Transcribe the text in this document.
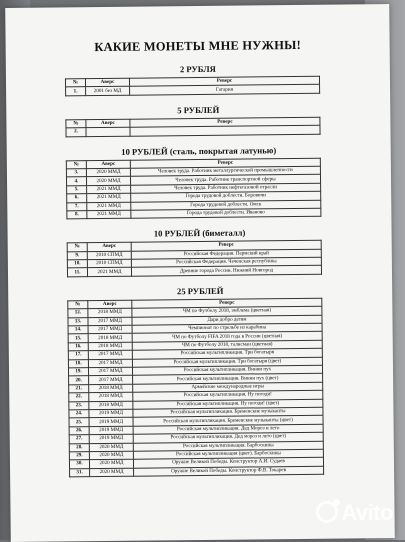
КАКИЕ МОНЕТЫ МНЕ НУЖНЫ!
2 РУБЛЯ
№	Аверс	Реверс
1.	2001 без МД	Гагарин
5 РУБЛЕЙ
№	Аверс	Реверс
2.		
10 РУБЛЕЙ (сталь, покрытая латунью)
№	Аверс	Реверс
3.	2020 ММД	Человек труда. Работник металлургической промышленности
4.	2020 ММД	Человек труда. Работник транспортной сферы
5.	2021 ММД	Человек труда. Работник нефтегазовой отрасли
6.	2021 ММД	Города трудовой доблести. Боровичи
7.	2021 ММД	Города трудовой доблести. Омск
8.	2021 ММД	Города трудовой доблести. Иваново
10 РУБЛЕЙ (биметалл)
№	Аверс	Реверс
9.	2010 СПМД	Российская Федерация. Пермский край
10.	2010 СПМД	Российская Федерация. Чеченская республика
11.	2021 ММД	Древние города России. Нижний Новгород
25 РУБЛЕЙ
№	Аверс	Реверс
12.	2018 ММД	ЧМ по Футболу 2018, эмблема (цветная)
13.	2017 ММД	Дари добро детям
14.	2017 ММД	Чемпионат по стрельбе из карабина
15.	2018 ММД	ЧМ по Футболу FIFA 2018 года в России (цветная)
16.	2018 ММД	ЧМ по Футболу 2018, талисман (цветная)
17.	2017 ММД	Российская мультипликация. Три богатыря
18.	2017 ММД	Российская мультипликация. Три богатыря (цвет)
19.	2017 ММД	Российская мультипликация. Винни пух
20.	2017 ММД	Российская мультипликация. Винни пух (цвет)
21.	2018 ММД	Армейские международные игры
22.	2018 ММД	Российская мультипликация. Ну погоди!
23.	2018 ММД	Российская мультипликация. Ну погоди! (цвет)
24.	2019 ММД	Российская мультипликация. Бременские музыканты
25.	2019 ММД	Российская мультипликация. Бременские музыканты (цвет)
26.	2019 ММД	Российская мультипликация. Дед Мороз и лето
27.	2019 ММД	Российская мультипликация. Дед мороз и лето (цвет)
28.	2020 ММД	Российская мультипликация. Барбоскины
29.	2020 ММД	Российская мультипликация (цвет). Барбоскины
30.	2020 ММД	Оружие Великой Победы. Конструктор А.И. Судаев
31.	2020 ММД	Оружие Великой Победы. Конструктор Ф.В. Токарев
Avito
